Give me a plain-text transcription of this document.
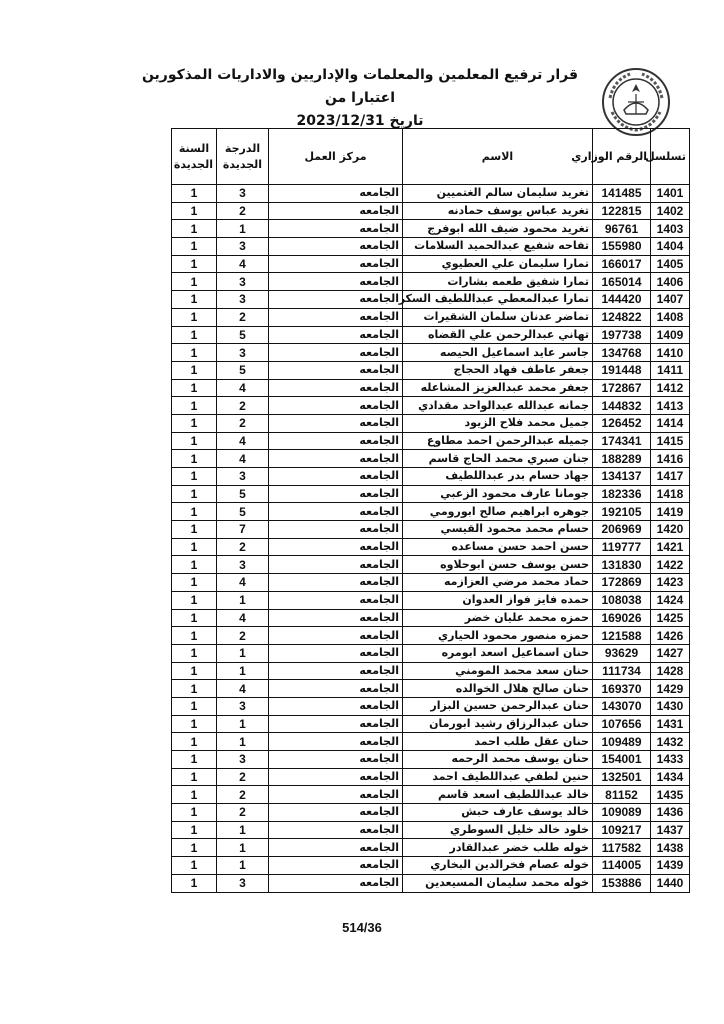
قرار ترفيع المعلمين والمعلمات والإداريين والاداريات المذكورين اعتبارا من
تاريخ 2023/12/31
تسلسل	الرقم الوزاري	الاسم	مركز العمل	الدرجة الجديدة	السنة الجديدة
1401	141485	تغريد سليمان سالم الغتميين	الجامعه	3	1
1402	122815	تغريد عباس يوسف حمادنه	الجامعه	2	1
1403	96761	تغريد محمود ضيف الله ابوفرج	الجامعه	1	1
1404	155980	تفاحه شفيع عبدالحميد السلامات	الجامعه	3	1
1405	166017	تمارا سليمان علي العطيوي	الجامعه	4	1
1406	165014	تمارا شفيق طعمه بشارات	الجامعه	3	1
1407	144420	تمارا عبدالمعطي عبداللطيف السكر	الجامعه	3	1
1408	124822	تماضر عدنان سلمان الشقيرات	الجامعه	2	1
1409	197738	تهاني عبدالرحمن علي القضاه	الجامعه	5	1
1410	134768	جاسر عايد اسماعيل الحيصه	الجامعه	3	1
1411	191448	جعفر عاطف فهاد الحجاج	الجامعه	5	1
1412	172867	جعفر محمد عبدالعزيز المشاعله	الجامعه	4	1
1413	144832	جمانه عبدالله عبدالواحد مقدادي	الجامعه	2	1
1414	126452	جميل محمد فلاح الزيود	الجامعه	2	1
1415	174341	جميله عبدالرحمن احمد مطاوع	الجامعه	4	1
1416	188289	جنان صبري محمد الحاج قاسم	الجامعه	4	1
1417	134137	جهاد حسام بدر عبداللطيف	الجامعه	3	1
1418	182336	جومانا عارف محمود الزعبي	الجامعه	5	1
1419	192105	جوهره ابراهيم صالح ابورومي	الجامعه	5	1
1420	206969	حسام محمد محمود القيسي	الجامعه	7	1
1421	119777	حسن احمد حسن مساعده	الجامعه	2	1
1422	131830	حسن يوسف حسن ابوحلاوه	الجامعه	3	1
1423	172869	حماد محمد مرضي العزازمه	الجامعه	4	1
1424	108038	حمده فايز فواز العدوان	الجامعه	1	1
1425	169026	حمزه محمد عليان خضر	الجامعه	4	1
1426	121588	حمزه منصور محمود الحياري	الجامعه	2	1
1427	93629	حنان اسماعيل اسعد ابومره	الجامعه	1	1
1428	111734	حنان سعد محمد المومني	الجامعه	1	1
1429	169370	حنان صالح هلال الخوالده	الجامعه	4	1
1430	143070	حنان عبدالرحمن حسين البزار	الجامعه	3	1
1431	107656	حنان عبدالرزاق رشيد ابورمان	الجامعه	1	1
1432	109489	حنان عقل طلب احمد	الجامعه	1	1
1433	154001	حنان يوسف محمد الرحمه	الجامعه	3	1
1434	132501	حنين لطفي عبداللطيف احمد	الجامعه	2	1
1435	81152	خالد عبداللطيف اسعد قاسم	الجامعه	2	1
1436	109089	خالد يوسف عارف حبش	الجامعه	2	1
1437	109217	خلود خالد خليل السوطري	الجامعه	1	1
1438	117582	خوله طلب خضر عبدالقادر	الجامعه	1	1
1439	114005	خوله عصام فخرالدين البخاري	الجامعه	1	1
1440	153886	خوله محمد سليمان المسيعدين	الجامعه	3	1
514/36
